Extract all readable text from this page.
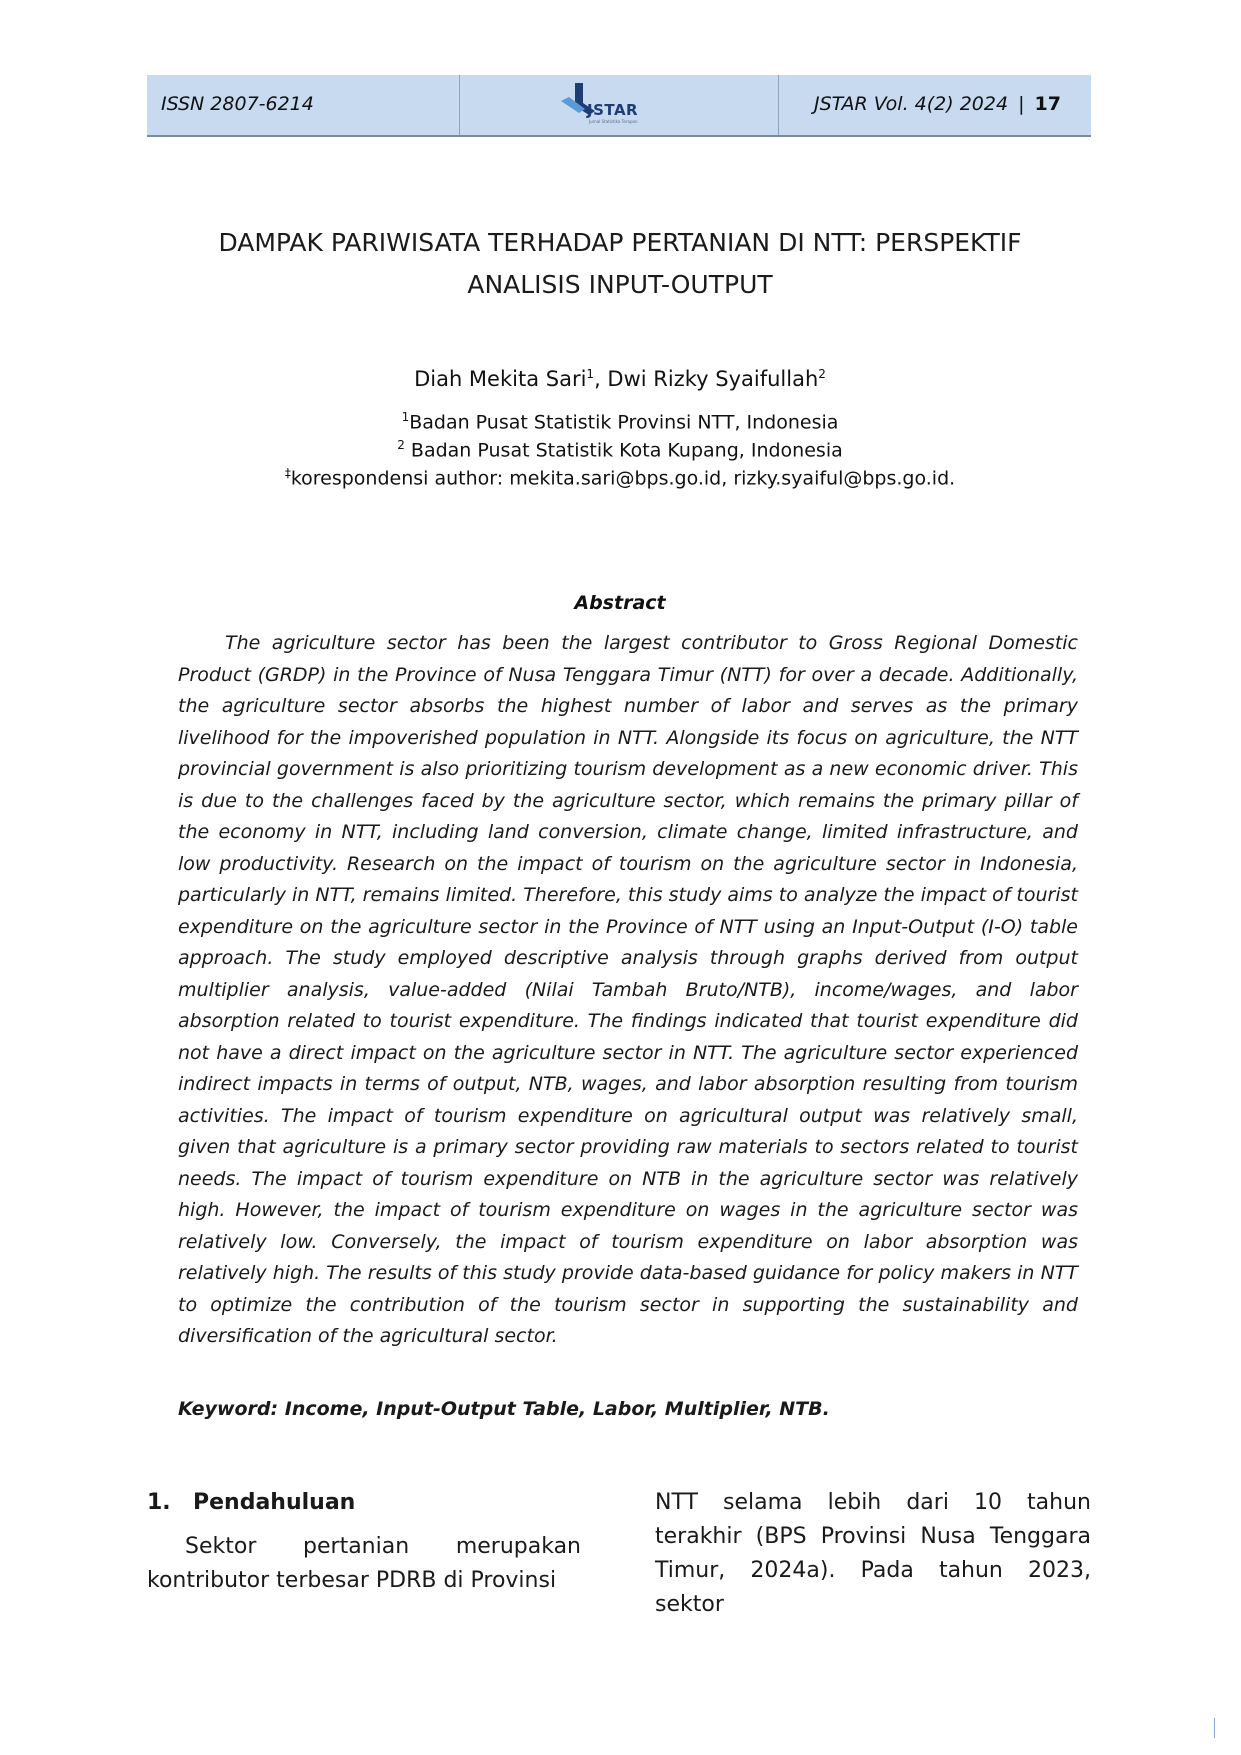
ISSN 2807-6214	JSTAR
Jurnal Statistika Terapan
JSTAR Vol. 4(2) 2024 | 17
DAMPAK PARIWISATA TERHADAP PERTANIAN DI NTT: PERSPEKTIF
ANALISIS INPUT-OUTPUT
Diah Mekita Sari$^1$, Dwi Rizky Syaifullah$^2$
$^1$Badan Pusat Statistik Provinsi NTT, Indonesia
$^2$ Badan Pusat Statistik Kota Kupang, Indonesia
‡korespondensi author: mekita.sari@bps.go.id, rizky.syaiful@bps.go.id.
Abstract

The agriculture sector has been the largest contributor to Gross Regional Domestic Product (GRDP) in the Province of Nusa Tenggara Timur (NTT) for over a decade. Additionally, the agriculture sector absorbs the highest number of labor and serves as the primary livelihood for the impoverished population in NTT. Alongside its focus on agriculture, the NTT provincial government is also prioritizing tourism development as a new economic driver. This is due to the challenges faced by the agriculture sector, which remains the primary pillar of the economy in NTT, including land conversion, climate change, limited infrastructure, and low productivity. Research on the impact of tourism on the agriculture sector in Indonesia, particularly in NTT, remains limited. Therefore, this study aims to analyze the impact of tourist expenditure on the agriculture sector in the Province of NTT using an Input-Output (I-O) table approach. The study employed descriptive analysis through graphs derived from output multiplier analysis, value-added (Nilai Tambah Bruto/NTB), income/wages, and labor absorption related to tourist expenditure. The findings indicated that tourist expenditure did not have a direct impact on the agriculture sector in NTT. The agriculture sector experienced indirect impacts in terms of output, NTB, wages, and labor absorption resulting from tourism activities. The impact of tourism expenditure on agricultural output was relatively small, given that agriculture is a primary sector providing raw materials to sectors related to tourist needs. The impact of tourism expenditure on NTB in the agriculture sector was relatively high. However, the impact of tourism expenditure on wages in the agriculture sector was relatively low. Conversely, the impact of tourism expenditure on labor absorption was relatively high. The results of this study provide data-based guidance for policy makers in NTT to optimize the contribution of the tourism sector in supporting the sustainability and diversification of the agricultural sector.

Keyword: Income, Input-Output Table, Labor, Multiplier, NTB.
1. Pendahuluan

Sektor pertanian merupakan kontributor terbesar PDRB di Provinsi

NTT selama lebih dari 10 tahun terakhir (BPS Provinsi Nusa Tenggara Timur, 2024a). Pada tahun 2023, sektor
